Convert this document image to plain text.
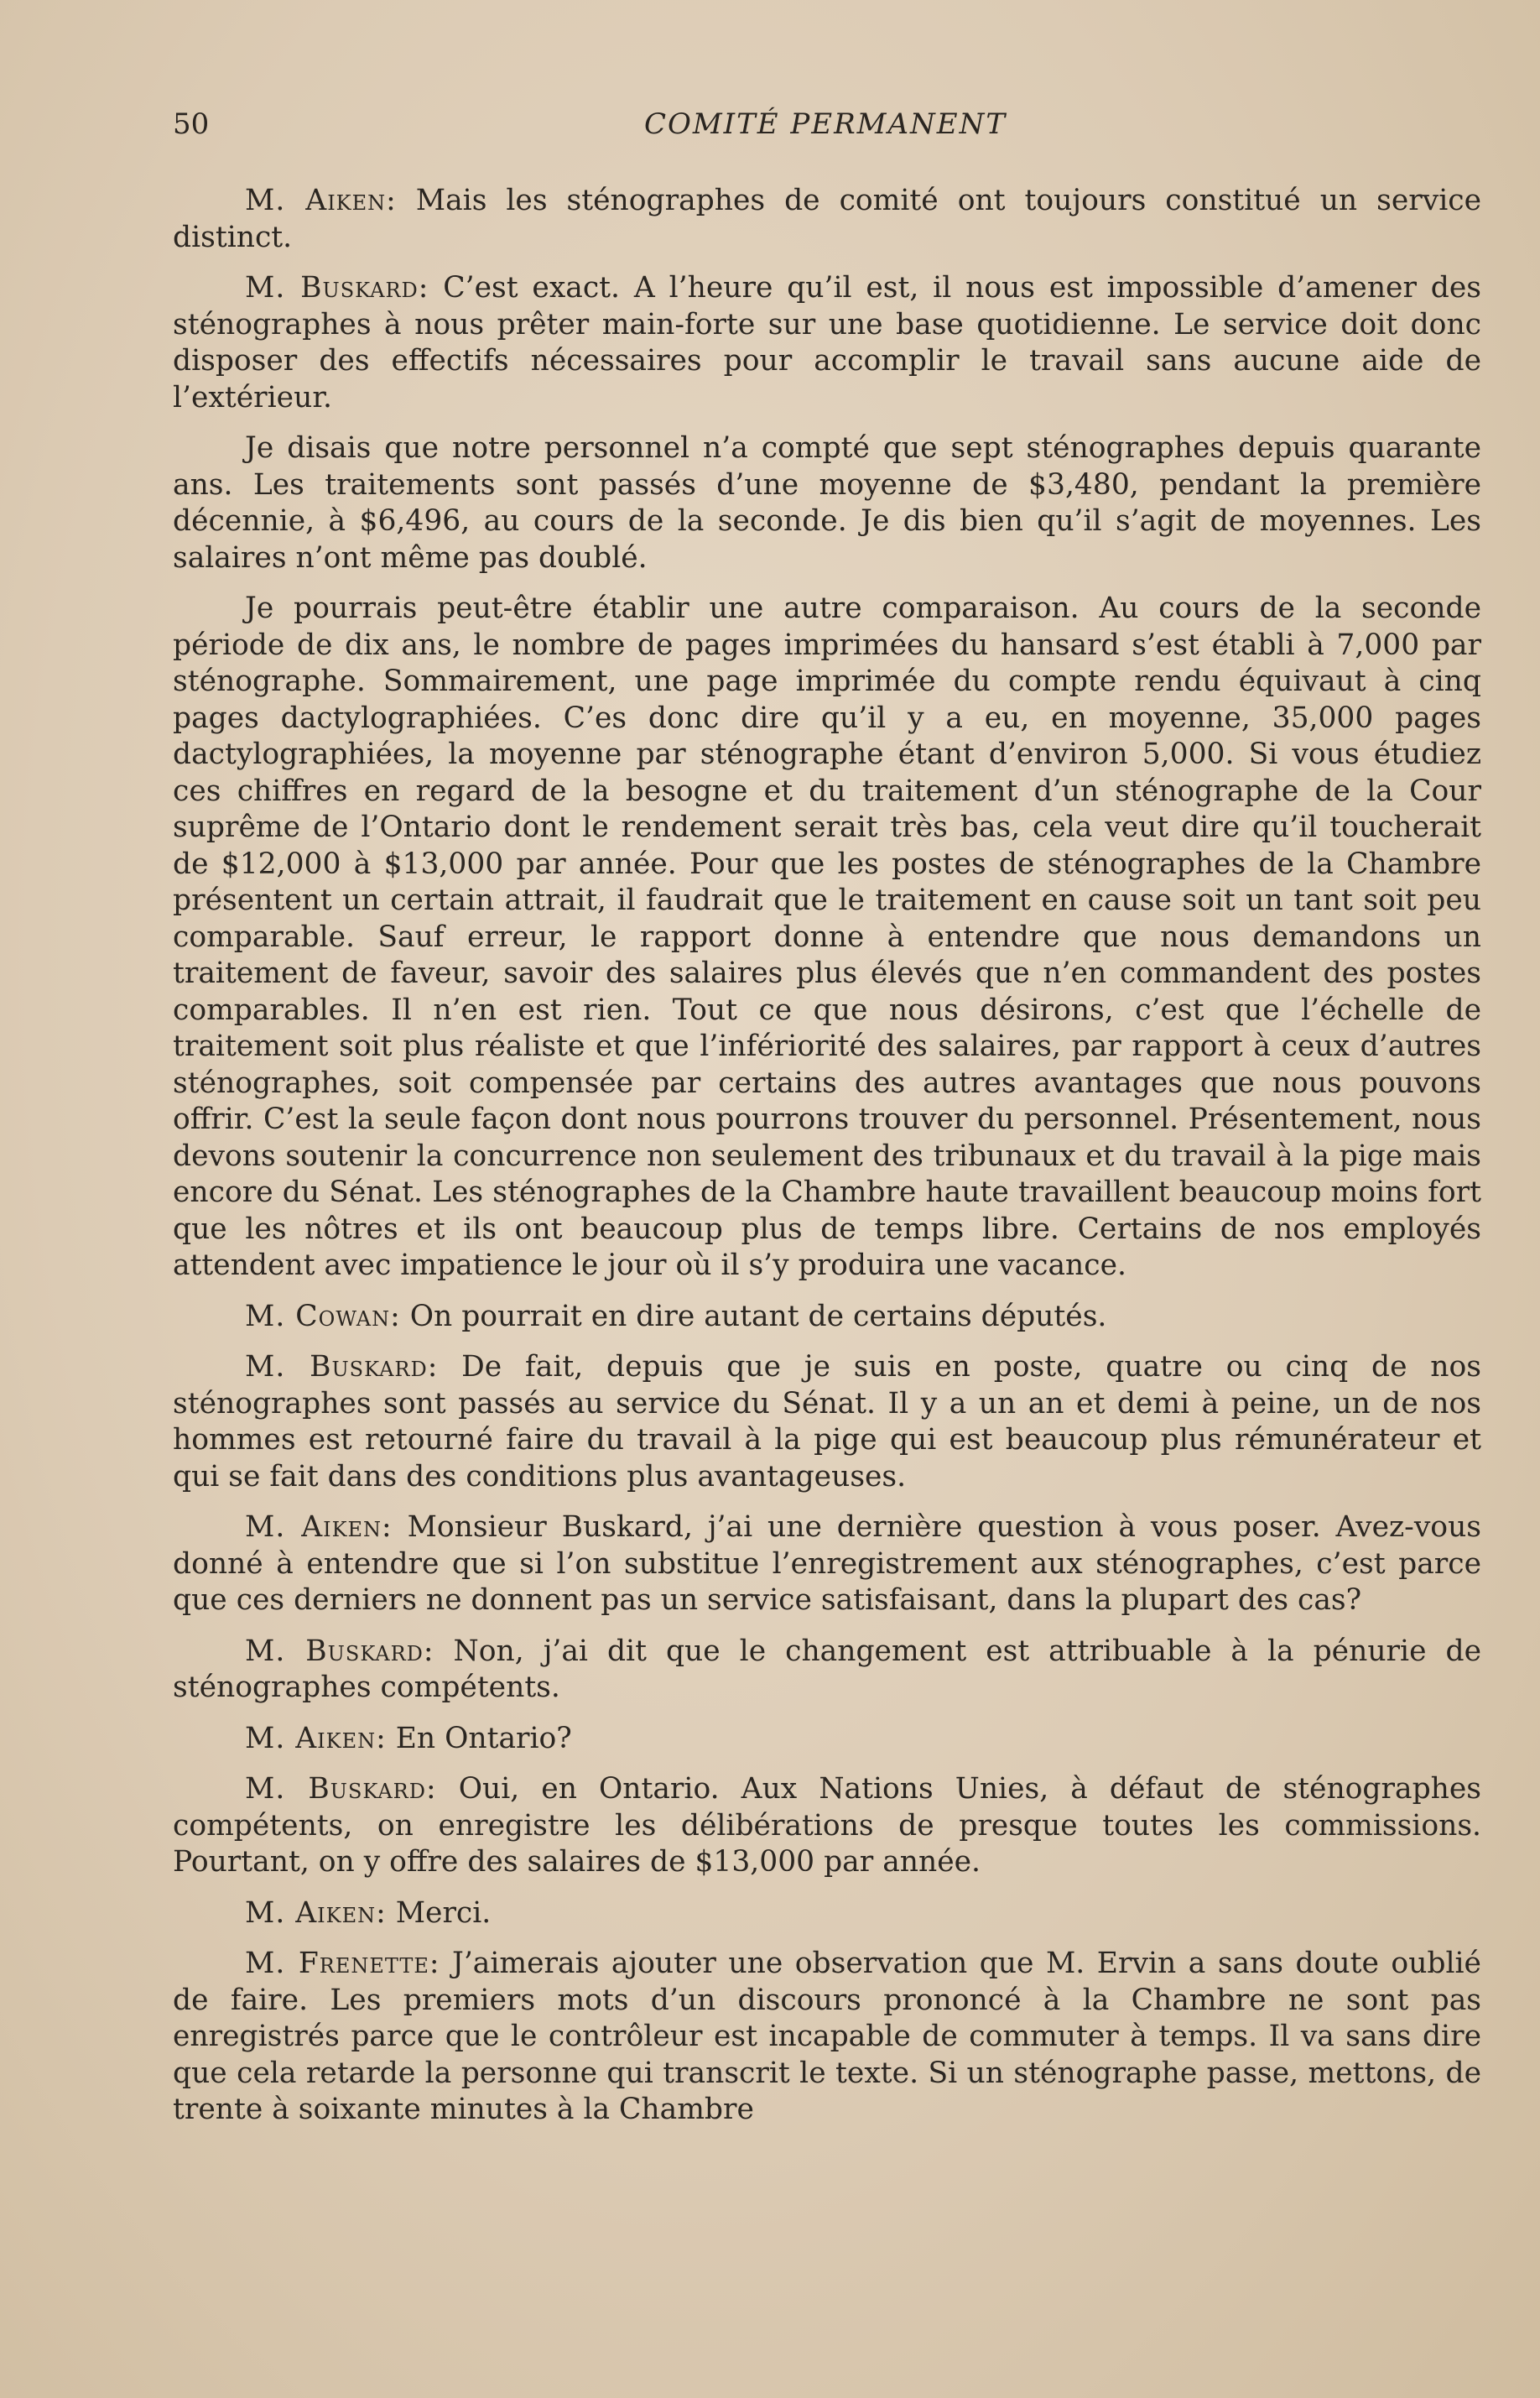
50	COMITÉ PERMANENT

M. Aiken: Mais les sténographes de comité ont toujours constitué un service distinct.

M. Buskard: C’est exact. A l’heure qu’il est, il nous est impossible d’amener des sténographes à nous prêter main-forte sur une base quotidienne. Le service doit donc disposer des effectifs nécessaires pour accomplir le travail sans aucune aide de l’extérieur.

Je disais que notre personnel n’a compté que sept sténographes depuis quarante ans. Les traitements sont passés d’une moyenne de $3,480, pendant la première décennie, à $6,496, au cours de la seconde. Je dis bien qu’il s’agit de moyennes. Les salaires n’ont même pas doublé.

Je pourrais peut-être établir une autre comparaison. Au cours de la seconde période de dix ans, le nombre de pages imprimées du hansard s’est établi à 7,000 par sténographe. Sommairement, une page imprimée du compte rendu équivaut à cinq pages dactylographiées. C’es donc dire qu’il y a eu, en moyenne, 35,000 pages dactylographiées, la moyenne par sténographe étant d’environ 5,000. Si vous étudiez ces chiffres en regard de la besogne et du traitement d’un sténographe de la Cour suprême de l’Ontario dont le rendement serait très bas, cela veut dire qu’il toucherait de $12,000 à $13,000 par année. Pour que les postes de sténographes de la Chambre présentent un certain attrait, il faudrait que le traitement en cause soit un tant soit peu comparable. Sauf erreur, le rapport donne à entendre que nous demandons un traitement de faveur, savoir des salaires plus élevés que n’en commandent des postes comparables. Il n’en est rien. Tout ce que nous désirons, c’est que l’échelle de traitement soit plus réaliste et que l’infériorité des salaires, par rapport à ceux d’autres sténographes, soit compensée par certains des autres avantages que nous pouvons offrir. C’est la seule façon dont nous pourrons trouver du personnel. Présentement, nous devons soutenir la concurrence non seulement des tribunaux et du travail à la pige mais encore du Sénat. Les sténographes de la Chambre haute travaillent beaucoup moins fort que les nôtres et ils ont beaucoup plus de temps libre. Certains de nos employés attendent avec impatience le jour où il s’y produira une vacance.

M. Cowan: On pourrait en dire autant de certains députés.

M. Buskard: De fait, depuis que je suis en poste, quatre ou cinq de nos sténographes sont passés au service du Sénat. Il y a un an et demi à peine, un de nos hommes est retourné faire du travail à la pige qui est beaucoup plus rémunérateur et qui se fait dans des conditions plus avantageuses.

M. Aiken: Monsieur Buskard, j’ai une dernière question à vous poser. Avez-vous donné à entendre que si l’on substitue l’enregistrement aux sténographes, c’est parce que ces derniers ne donnent pas un service satisfaisant, dans la plupart des cas?

M. Buskard: Non, j’ai dit que le changement est attribuable à la pénurie de sténographes compétents.

M. Aiken: En Ontario?

M. Buskard: Oui, en Ontario. Aux Nations Unies, à défaut de sténographes compétents, on enregistre les délibérations de presque toutes les commissions. Pourtant, on y offre des salaires de $13,000 par année.

M. Aiken: Merci.

M. Frenette: J’aimerais ajouter une observation que M. Ervin a sans doute oublié de faire. Les premiers mots d’un discours prononcé à la Chambre ne sont pas enregistrés parce que le contrôleur est incapable de commuter à temps. Il va sans dire que cela retarde la personne qui transcrit le texte. Si un sténographe passe, mettons, de trente à soixante minutes à la Chambre
